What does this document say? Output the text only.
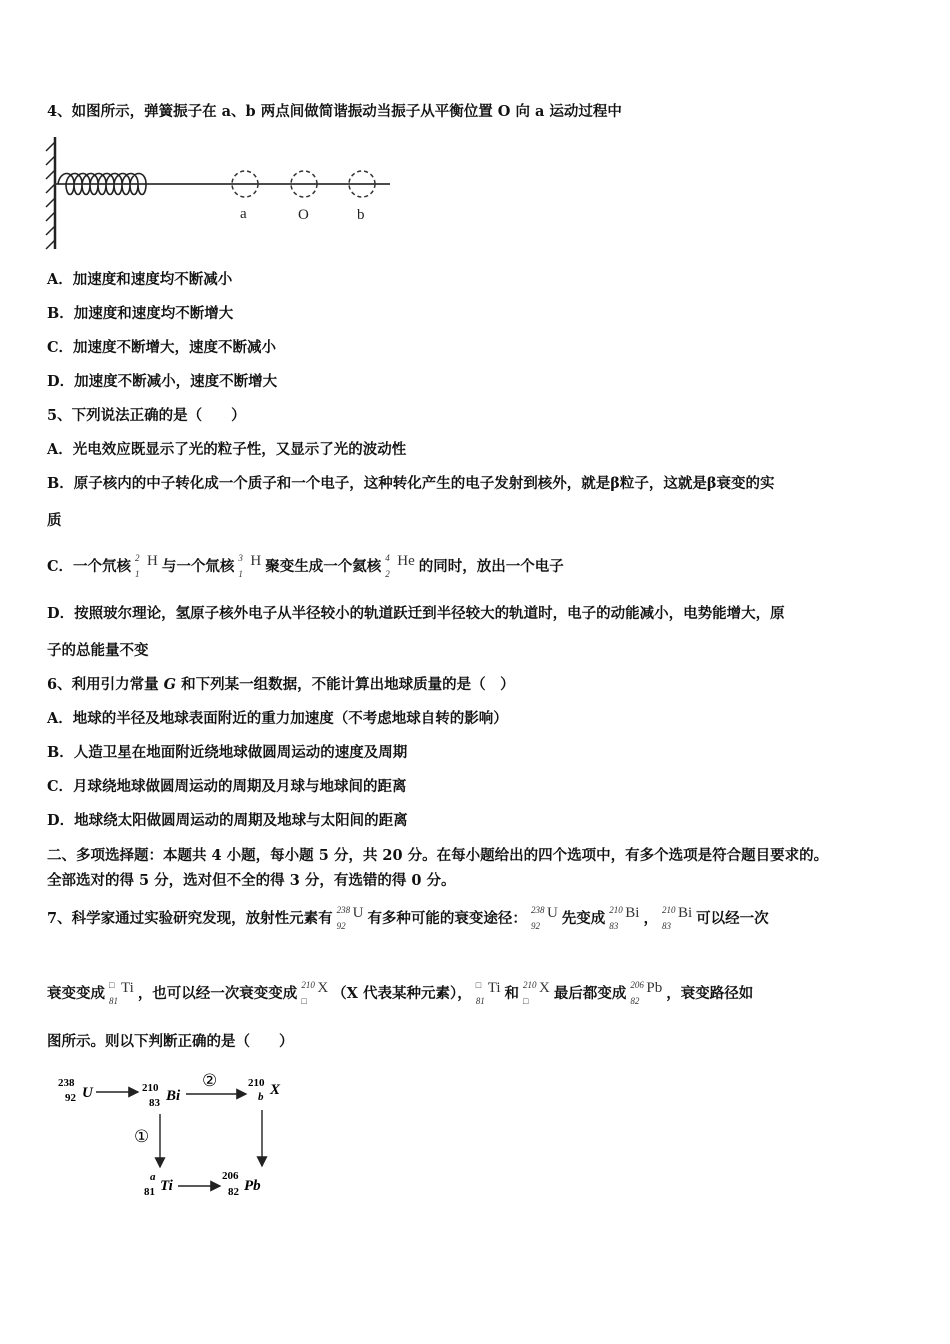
4、如图所示，弹簧振子在 a、b 两点间做简谐振动当振子从平衡位置 O 向 a 运动过程中
a	O	b
A．加速度和速度均不断减小
B．加速度和速度均不断增大
C．加速度不断增大，速度不断减小
D．加速度不断减小，速度不断增大
5、下列说法正确的是（　　）
A．光电效应既显示了光的粒子性，又显示了光的波动性
B．原子核内的中子转化成一个质子和一个电子，这种转化产生的电子发射到核外，就是β粒子，这就是β衰变的实
质
C．一个氘核 2
1
H 与一个氚核 3
1
H 聚变生成一个氦核 4
2
He 的同时，放出一个电子
D．按照玻尔理论，氢原子核外电子从半径较小的轨道跃迁到半径较大的轨道时，电子的动能减小，电势能增大，原
子的总能量不变
6、利用引力常量 G 和下列某一组数据，不能计算出地球质量的是（　）
A．地球的半径及地球表面附近的重力加速度（不考虑地球自转的影响）
B．人造卫星在地面附近绕地球做圆周运动的速度及周期
C．月球绕地球做圆周运动的周期及月球与地球间的距离
D．地球绕太阳做圆周运动的周期及地球与太阳间的距离
二、多项选择题：本题共 4 小题，每小题 5 分，共 20 分。在每小题给出的四个选项中，有多个选项是符合题目要求的。
全部选对的得 5 分，选对但不全的得 3 分，有选错的得 0 分。
7、科学家通过实验研究发现，放射性元素有 238
92
U 有多种可能的衰变途径： 238
92
U 先变成 210
83
Bi ， 210
83
Bi 可以经一次
衰变变成 □
81
Ti ，也可以经一次衰变变成 210
□
X （X 代表某种元素）， □
81
Ti 和 210
□
X 最后都变成 206
82
Pb ，衰变路径如
图所示。则以下判断正确的是（　　）
238
92 U	210
83 Bi
②	210
b X
①
a
81 Ti
206
82 Pb
